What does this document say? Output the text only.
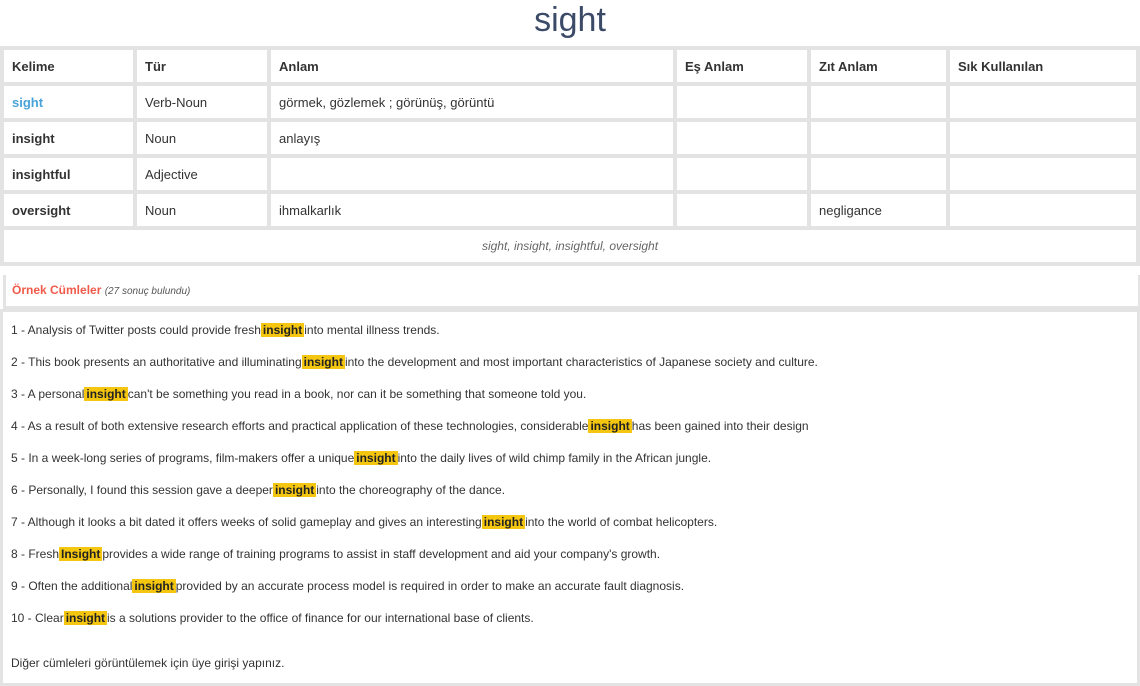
sight
Kelime	Tür	Anlam	Eş Anlam	Zıt Anlam	Sık Kullanılan
sight	Verb-Noun	görmek, gözlemek ; görünüş, görüntü			
insight	Noun	anlayış			
insightful	Adjective				
oversight	Noun	ihmalkarlık		negligance	
sight, insight, insightful, oversight					
Örnek Cümleler (27 sonuç bulundu)
1 - Analysis of Twitter posts could provide fresh insight into mental illness trends.
2 - This book presents an authoritative and illuminating insight into the development and most important characteristics of Japanese society and culture.
3 - A personal insight can't be something you read in a book, nor can it be something that someone told you.
4 - As a result of both extensive research efforts and practical application of these technologies, considerable insight has been gained into their design
5 - In a week-long series of programs, film-makers offer a unique insight into the daily lives of wild chimp family in the African jungle.
6 - Personally, I found this session gave a deeper insight into the choreography of the dance.
7 - Although it looks a bit dated it offers weeks of solid gameplay and gives an interesting insight into the world of combat helicopters.
8 - Fresh Insight provides a wide range of training programs to assist in staff development and aid your company's growth.
9 - Often the additional insight provided by an accurate process model is required in order to make an accurate fault diagnosis.
10 - Clear insight is a solutions provider to the office of finance for our international base of clients.
Diğer cümleleri görüntülemek için üye girişi yapınız.
